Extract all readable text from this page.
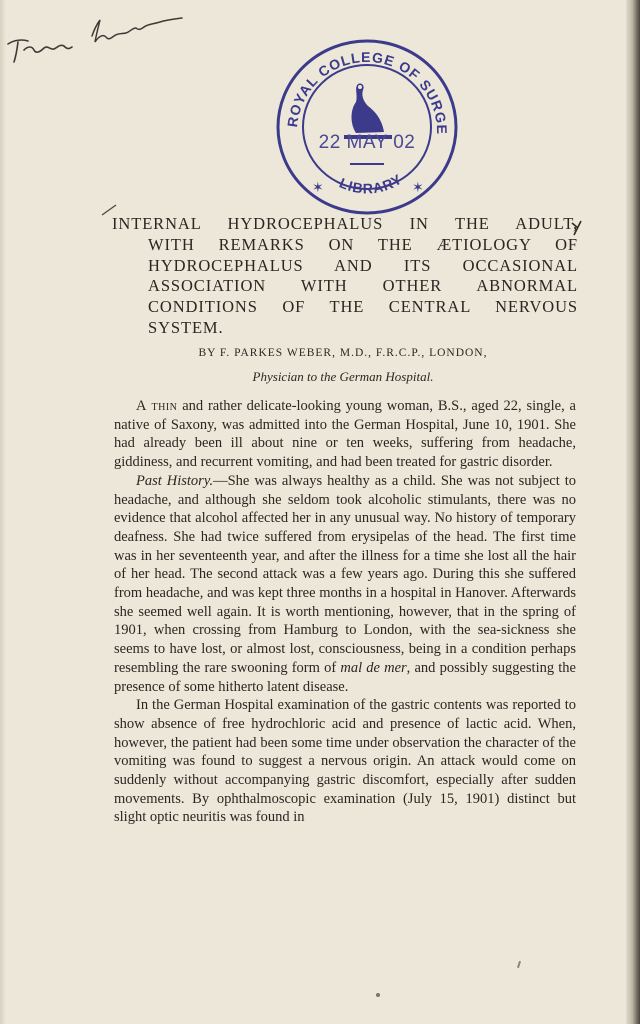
ROYAL COLLEGE OF SURGE
LIBRARY
✶	✶
22 MAY 02
INTERNAL HYDROCEPHALUS IN THE ADULT,
WITH REMARKS ON THE ÆTIOLOGY OF
HYDROCEPHALUS AND ITS OCCASIONAL
ASSOCIATION WITH OTHER ABNORMAL
CONDITIONS OF THE CENTRAL NERVOUS
SYSTEM.
BY F. PARKES WEBER, M.D., F.R.C.P., LONDON,
Physician to the German Hospital.

A thin and rather delicate-looking young woman, B.S., aged 22, single, a native of Saxony, was admitted into the German Hospital, June 10, 1901. She had already been ill about nine or ten weeks, suffering from headache, giddiness, and recurrent vomiting, and had been treated for gastric disorder.

Past History.—She was always healthy as a child. She was not subject to headache, and although she seldom took alcoholic stimulants, there was no evidence that alcohol affected her in any unusual way. No history of temporary deafness. She had twice suffered from erysipelas of the head. The first time was in her seventeenth year, and after the illness for a time she lost all the hair of her head. The second attack was a few years ago. During this she suffered from headache, and was kept three months in a hospital in Hanover. Afterwards she seemed well again. It is worth mentioning, however, that in the spring of 1901, when crossing from Hamburg to London, with the sea-sickness she seems to have lost, or almost lost, consciousness, being in a condition perhaps resembling the rare swooning form of mal de mer, and possibly suggesting the presence of some hitherto latent disease.

In the German Hospital examination of the gastric contents was reported to show absence of free hydrochloric acid and presence of lactic acid. When, however, the patient had been some time under observation the character of the vomiting was found to suggest a nervous origin. An attack would come on suddenly without accompanying gastric discomfort, especially after sudden movements. By ophthalmoscopic examination (July 15, 1901) distinct but slight optic neuritis was found in
